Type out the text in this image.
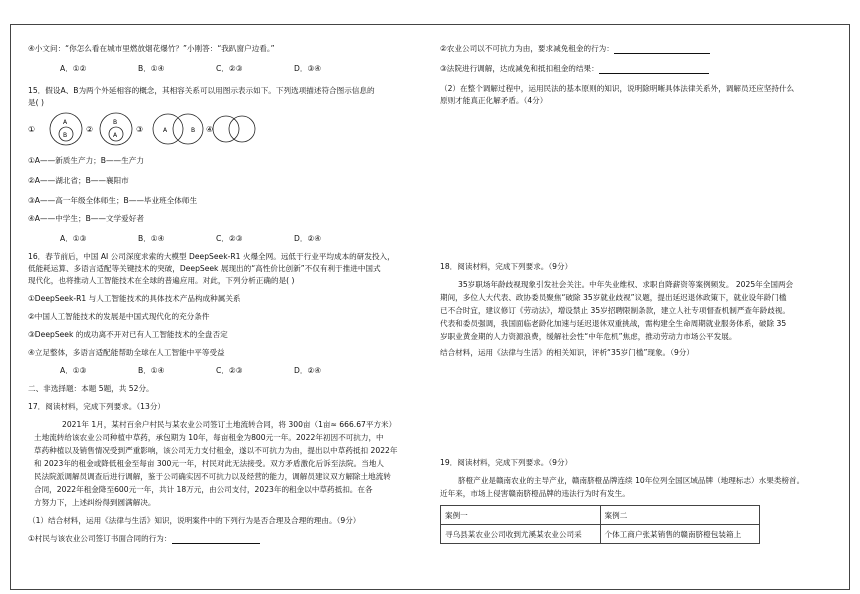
④小文问：“你怎么看在城市里燃放烟花爆竹？”小刚答：“我趴窗户边看。”
A．①②	B．①④	C．②③	D．③④
15．假设A、B为两个外延相容的概念，其相容关系可以用图示表示如下。下列选项描述符合图示信息的
是( )
①
A
B
②
B
A
③	A	B ④
①A——新质生产力；B——生产力
②A——湖北省；B——襄阳市
③A——高一年级全体师生；B——毕业班全体师生
④A——中学生；B——文学爱好者
A．①③	B．①④	C．②③	D．②④
16．春节前后，中国 AI 公司深度求索的大模型 DeepSeek-R1 火爆全网。远低于行业平均成本的研发投入，
低能耗运算、多语言适配等关键技术的突破，DeepSeek 展现出的“高性价比创新”不仅有利于推进中国式
现代化，也将推动人工智能技术在全球的普遍应用。对此，下列分析正确的是( )
①DeepSeek-R1 与人工智能技术的具体技术产品构成种属关系
②中国人工智能技术的发展是中国式现代化的充分条件
③DeepSeek 的成功离不开对已有人工智能技术的全盘否定
④立足整体，多语言适配能帮助全球在人工智能中平等受益
A．①③	B．①④	C．②③	D．②④
二、非选择题：本题 5题，共 52分。
17．阅读材料，完成下列要求。（13分）
2021年 1月，某村百余户村民与某农业公司签订土地流转合同，将 300亩（1亩≈ 666.67平方米）
土地流转给该农业公司种植中草药，承包期为 10年，每亩租金为800元一年。2022年初因不可抗力，中
草药种植以及销售情况受到严重影响，该公司无力支付租金，遂以不可抗力为由，提出以中草药抵扣 2022年
和 2023年的租金或降低租金至每亩 300元一年，村民对此无法接受。双方矛盾激化后诉至法院。当地人
民法院派调解员调查后进行调解，鉴于公司确实因不可抗力以及经营的能力，调解员建议双方解除土地流转
合同，2022年租金降至600元一年，共计 18万元，由公司支付，2023年的租金以中草药抵扣。在各
方努力下，上述纠纷得到圆满解决。
（1）结合材料，运用《法律与生活》知识，说明案件中的下列行为是否合理及合理的理由。（9分）
①村民与该农业公司签订书面合同的行为：
②农业公司以不可抗力为由，要求减免租金的行为：
③法院进行调解，达成减免和抵扣租金的结果：
（2）在整个调解过程中，运用民法的基本原则的知识，说明除明晰具体法律关系外，调解员还应坚持什么
原则才能真正化解矛盾。（4分）
18．阅读材料，完成下列要求。（9分）
35岁职场年龄歧视现象引发社会关注。中年失业维权、求职自降薪资等案例频发。 2025年全国两会
期间，多位人大代表、政协委员聚焦“破除 35岁就业歧视”议题，提出延迟退休政策下，就业设年龄门槛
已不合时宜，建议修订《劳动法》，增设禁止 35岁招聘限制条款，建立人社专项督查机制严查年龄歧视。
代表和委员强调，我国面临老龄化加速与延迟退休双重挑战，需构建全生命周期就业服务体系，破除 35
岁职业黄金期的人力资源浪费，缓解社会性“中年危机”焦虑，推动劳动力市场公平发展。
结合材料，运用《法律与生活》的相关知识，评析“35岁门槛”现象。（9分）
19．阅读材料，完成下列要求。（9分）
脐橙产业是赣南农业的主导产业，赣南脐橙品牌连续 10年位列全国区域品牌（地理标志）水果类榜首。
近年来，市场上侵害赣南脐橙品牌的违法行为时有发生。
案例一	案例二
寻乌县某农业公司收到尤溪某农业公司采	个体工商户张某销售的赣南脐橙包装箱上
